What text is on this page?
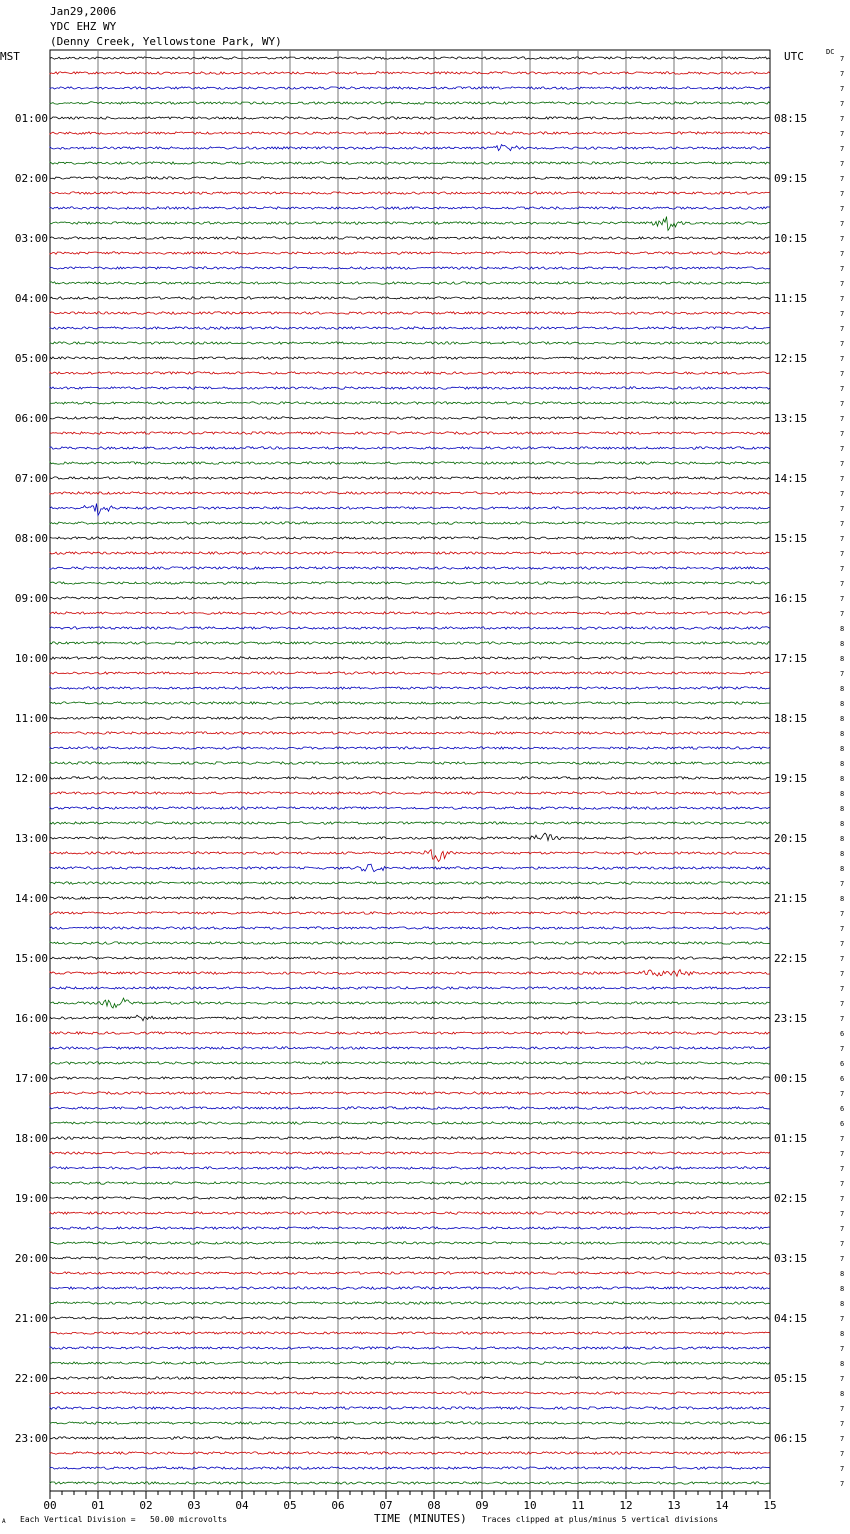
Jan29,2006
YDC EHZ WY
(Denny Creek, Yellowstone Park, WY)
MST	UTC	DC
7
7
7
7
7
7
7
7
7
7
7
7
7
7
7
7
7
7
7
7
7
7
7
7
7
7
7
7
7
7
7
7
7
7
7
7
7
7
8
8
8
7
8
8
8
8
8
8
8
8
8
8
8
8
8
7
8
7
7
7
7
7
7
7
7
6
7
6
6
7
6
6
7
7
7
7
7
7
7
7
7
8
8
8
7
8
7
8
7
8
7
7
7
7
7
7
01:00
02:00
03:00
04:00
05:00
06:00
07:00
08:00
09:00
10:00
11:00
12:00
13:00
14:00
15:00
16:00
17:00
18:00
19:00
20:00
21:00
22:00
23:00
08:15
09:15
10:15
11:15
12:15
13:15
14:15
15:15
16:15
17:15
18:15
19:15
20:15
21:15
22:15
23:15
00:15
01:15
02:15
03:15
04:15
05:15
06:15
00	01	02	03	04	05	06	07	08	09	10	11	12	13	14	15
A Each Vertical Division =   50.00 microvolts	TIME (MINUTES) Traces clipped at plus/minus 5 vertical divisions
